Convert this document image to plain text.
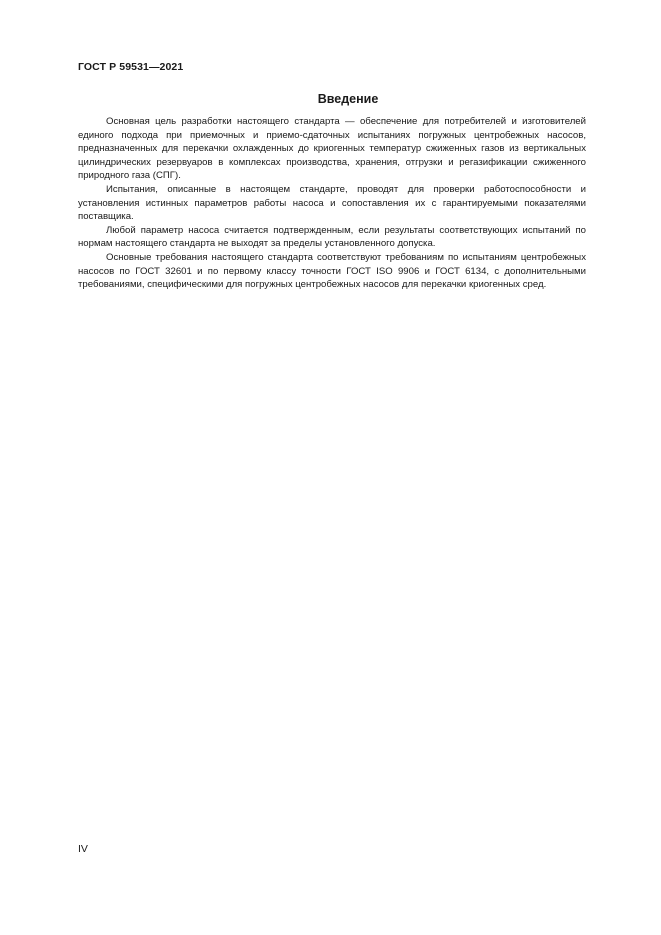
ГОСТ Р 59531—2021
Введение

Основная цель разработки настоящего стандарта — обеспечение для потребителей и изготовителей единого подхода при приемочных и приемо-сдаточных испытаниях погружных центробежных насосов, предназначенных для перекачки охлажденных до криогенных температур сжиженных газов из вертикальных цилиндрических резервуаров в комплексах производства, хранения, отгрузки и регазификации сжиженного природного газа (СПГ).

Испытания, описанные в настоящем стандарте, проводят для проверки работоспособности и установления истинных параметров работы насоса и сопоставления их с гарантируемыми показателями поставщика.

Любой параметр насоса считается подтвержденным, если результаты соответствующих испытаний по нормам настоящего стандарта не выходят за пределы установленного допуска.

Основные требования настоящего стандарта соответствуют требованиям по испытаниям центробежных насосов по ГОСТ 32601 и по первому классу точности ГОСТ ISO 9906 и ГОСТ 6134, с дополнительными требованиями, специфическими для погружных центробежных насосов для перекачки криогенных сред.

IV
